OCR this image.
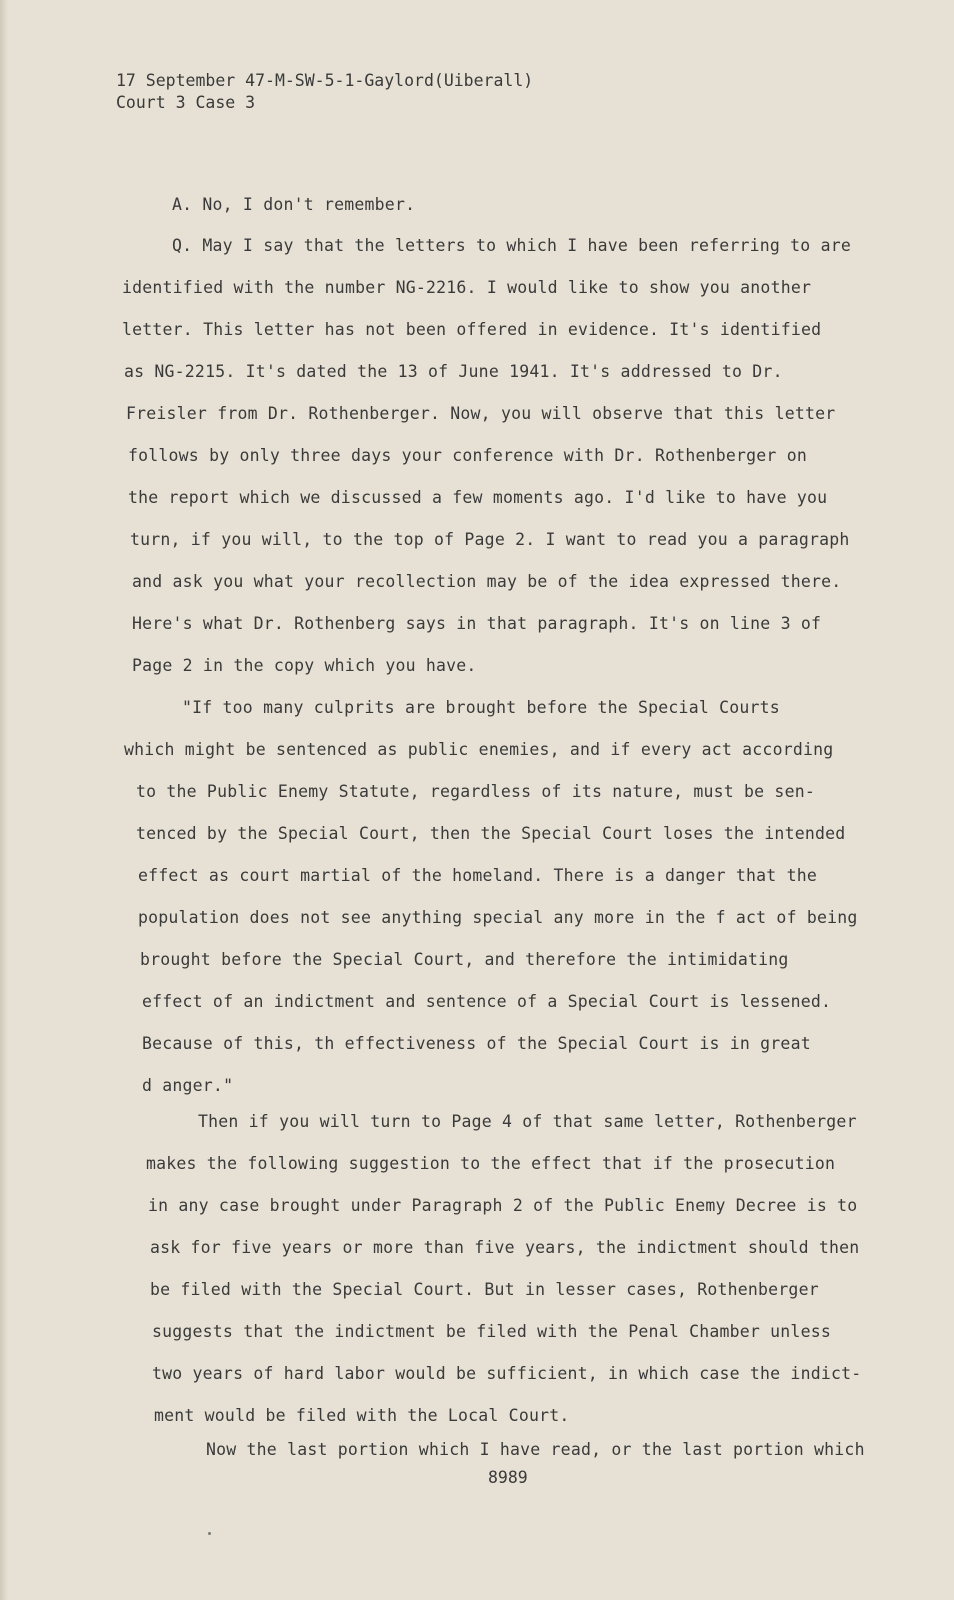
17 September 47-M-SW-5-1-Gaylord(Uiberall)
Court 3 Case 3
A. No, I don't remember.
Q. May I say that the letters to which I have been referring to are
identified with the number NG-2216. I would like to show you another
letter. This letter has not been offered in evidence. It's identified
as NG-2215. It's dated the 13 of June 1941. It's addressed to Dr.
Freisler from Dr. Rothenberger. Now, you will observe that this letter
follows by only three days your conference with Dr. Rothenberger on
the report which we discussed a few moments ago. I'd like to have you
turn, if you will, to the top of Page 2. I want to read you a paragraph
and ask you what your recollection may be of the idea expressed there.
Here's what Dr. Rothenberg says in that paragraph. It's on line 3 of
Page 2 in the copy which you have.
"If too many culprits are brought before the Special Courts
which might be sentenced as public enemies, and if every act according
to the Public Enemy Statute, regardless of its nature, must be sen-
tenced by the Special Court, then the Special Court loses the intended
effect as court martial of the homeland. There is a danger that the
population does not see anything special any more in the f act of being
brought before the Special Court, and therefore the intimidating
effect of an indictment and sentence of a Special Court is lessened.
Because of this, th effectiveness of the Special Court is in great
d anger."
Then if you will turn to Page 4 of that same letter, Rothenberger
makes the following suggestion to the effect that if the prosecution
in any case brought under Paragraph 2 of the Public Enemy Decree is to
ask for five years or more than five years, the indictment should then
be filed with the Special Court. But in lesser cases, Rothenberger
suggests that the indictment be filed with the Penal Chamber unless
two years of hard labor would be sufficient, in which case the indict-
ment would be filed with the Local Court.
Now the last portion which I have read, or the last portion which
8989
